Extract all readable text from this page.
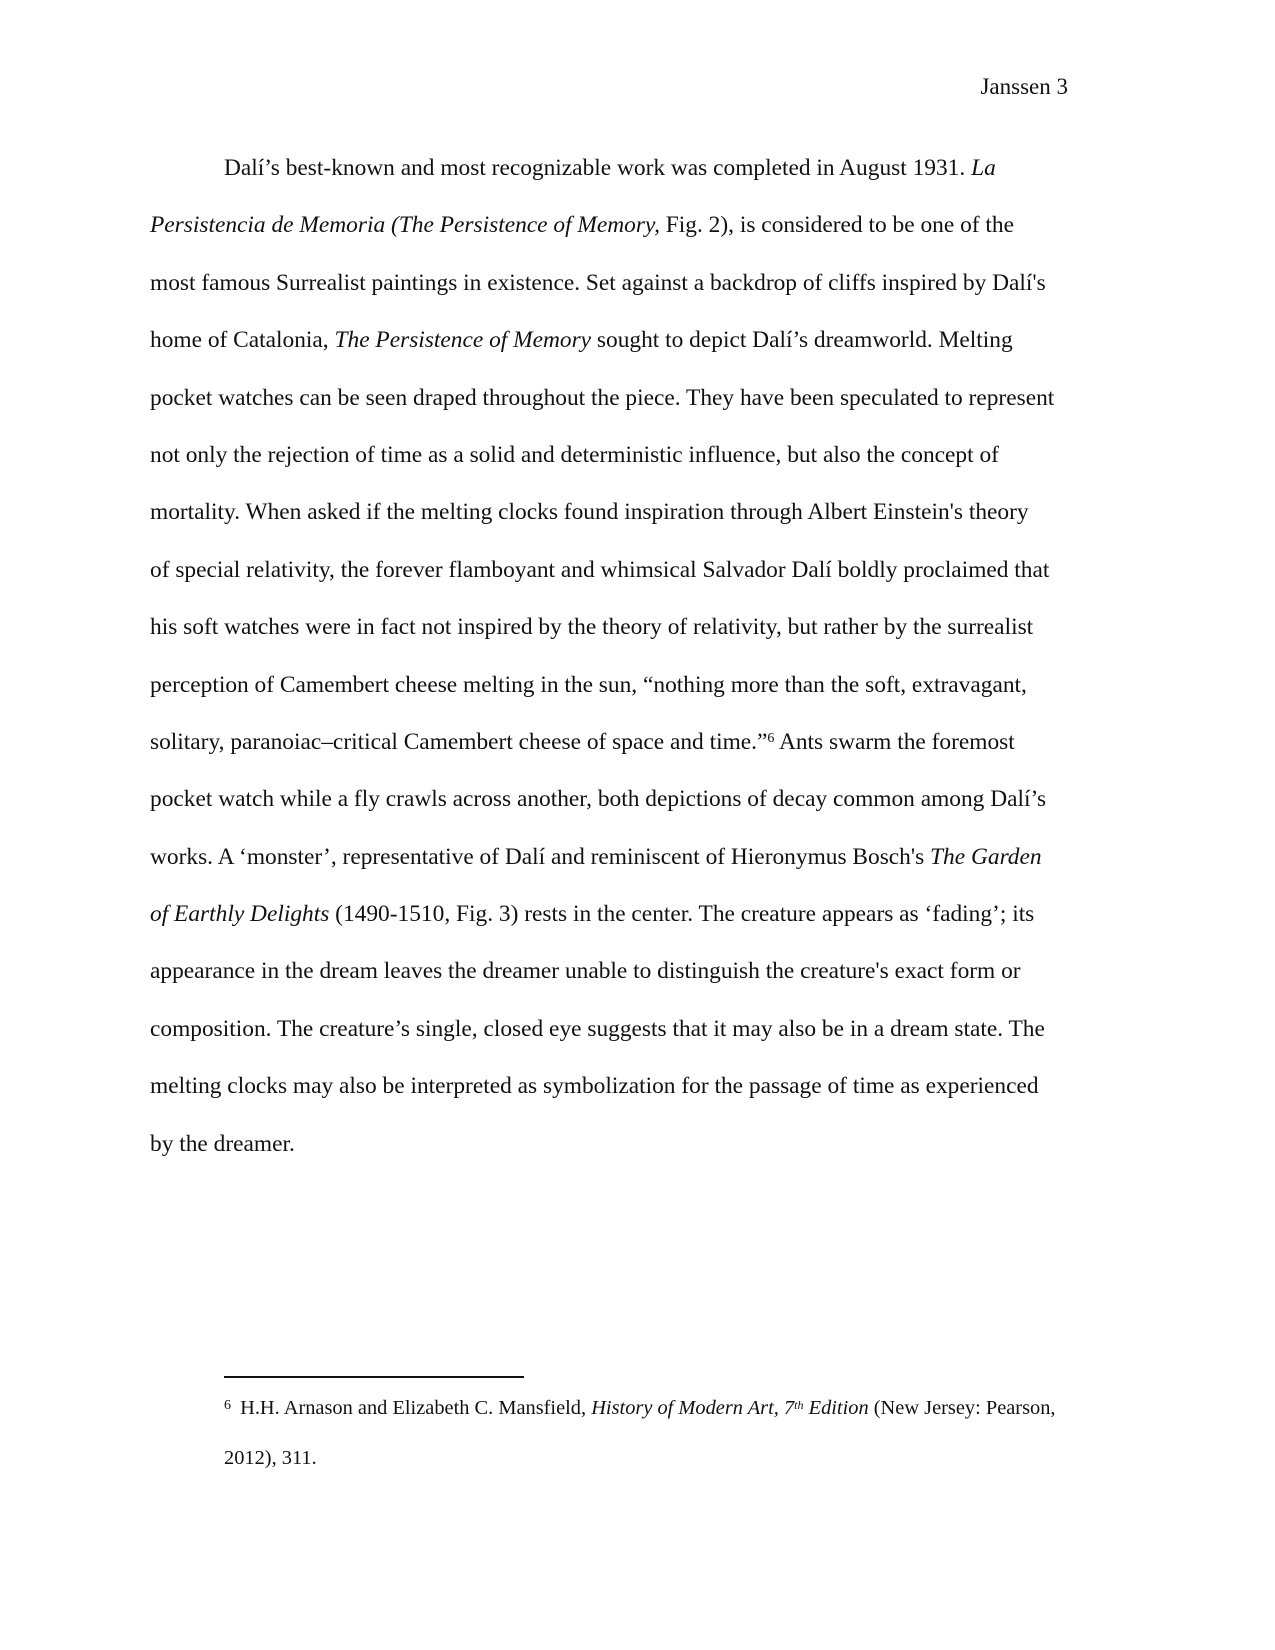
Janssen 3
Dalí’s best-known and most recognizable work was completed in August 1931. La
Persistencia de Memoria (The Persistence of Memory, Fig. 2), is considered to be one of the
most famous Surrealist paintings in existence. Set against a backdrop of cliffs inspired by Dalí's
home of Catalonia, The Persistence of Memory sought to depict Dalí’s dreamworld. Melting
pocket watches can be seen draped throughout the piece. They have been speculated to represent
not only the rejection of time as a solid and deterministic influence, but also the concept of
mortality. When asked if the melting clocks found inspiration through Albert Einstein's theory
of special relativity, the forever flamboyant and whimsical Salvador Dalí boldly proclaimed that
his soft watches were in fact not inspired by the theory of relativity, but rather by the surrealist
perception of Camembert cheese melting in the sun, “nothing more than the soft, extravagant,
solitary, paranoiac–critical Camembert cheese of space and time.”$^6$ Ants swarm the foremost
pocket watch while a fly crawls across another, both depictions of decay common among Dalí’s
works. A ‘monster’, representative of Dalí and reminiscent of Hieronymus Bosch's The Garden
of Earthly Delights (1490-1510, Fig. 3) rests in the center. The creature appears as ‘fading’; its
appearance in the dream leaves the dreamer unable to distinguish the creature's exact form or
composition. The creature’s single, closed eye suggests that it may also be in a dream state. The
melting clocks may also be interpreted as symbolization for the passage of time as experienced
by the dreamer.
$^6$ H.H. Arnason and Elizabeth C. Mansfield, History of Modern Art, 7th Edition (New Jersey: Pearson,
2012), 311.
